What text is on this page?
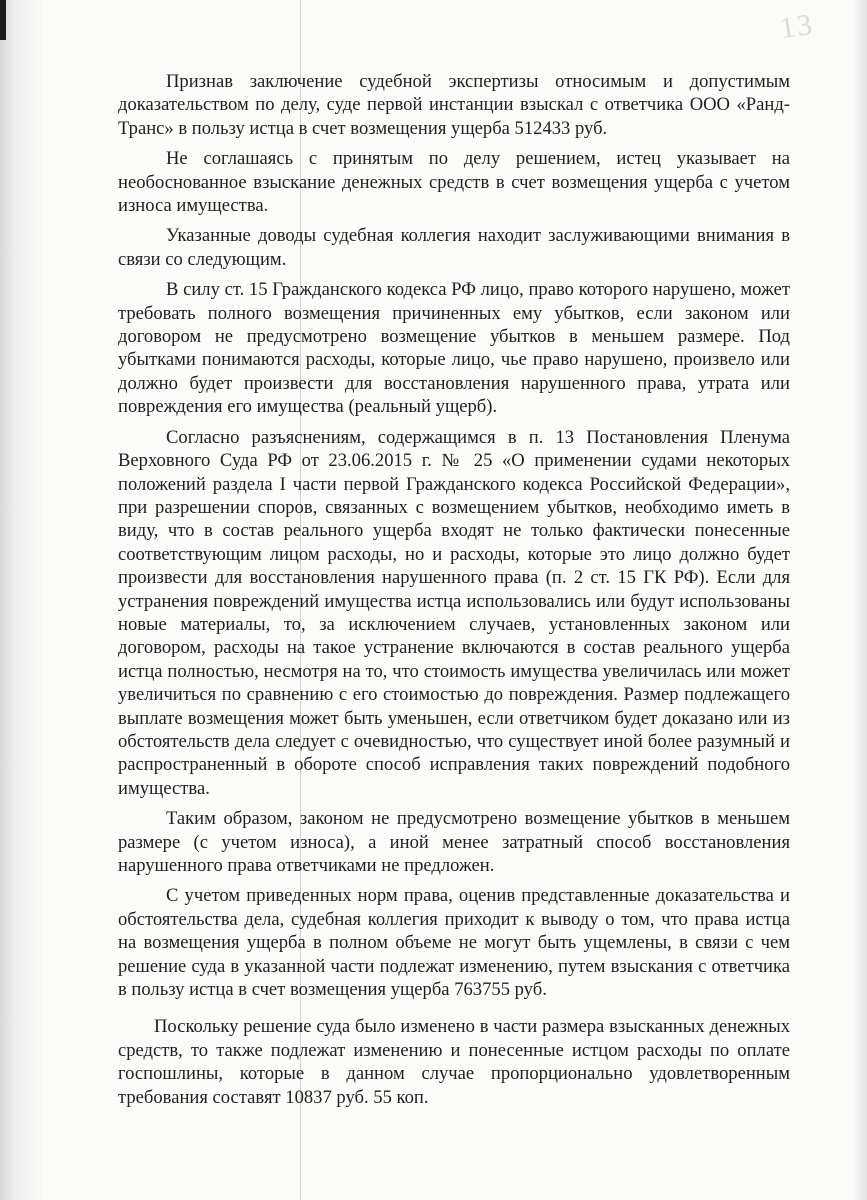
13

Признав заключение судебной экспертизы относимым и допустимым доказательством по делу, суде первой инстанции взыскал с ответчика ООО «Ранд-Транс» в пользу истца в счет возмещения ущерба 512433 руб.

Не соглашаясь с принятым по делу решением, истец указывает на необоснованное взыскание денежных средств в счет возмещения ущерба с учетом износа имущества.

Указанные доводы судебная коллегия находит заслуживающими внимания в связи со следующим.

В силу ст. 15 Гражданского кодекса РФ лицо, право которого нарушено, может требовать полного возмещения причиненных ему убытков, если законом или договором не предусмотрено возмещение убытков в меньшем размере. Под убытками понимаются расходы, которые лицо, чье право нарушено, произвело или должно будет произвести для восстановления нарушенного права, утрата или повреждения его имущества (реальный ущерб).

Согласно разъяснениям, содержащимся в п. 13 Постановления Пленума Верховного Суда РФ от 23.06.2015 г. № 25 «О применении судами некоторых положений раздела I части первой Гражданского кодекса Российской Федерации», при разрешении споров, связанных с возмещением убытков, необходимо иметь в виду, что в состав реального ущерба входят не только фактически понесенные соответствующим лицом расходы, но и расходы, которые это лицо должно будет произвести для восстановления нарушенного права (п. 2 ст. 15 ГК РФ). Если для устранения повреждений имущества истца использовались или будут использованы новые материалы, то, за исключением случаев, установленных законом или договором, расходы на такое устранение включаются в состав реального ущерба истца полностью, несмотря на то, что стоимость имущества увеличилась или может увеличиться по сравнению с его стоимостью до повреждения. Размер подлежащего выплате возмещения может быть уменьшен, если ответчиком будет доказано или из обстоятельств дела следует с очевидностью, что существует иной более разумный и распространенный в обороте способ исправления таких повреждений подобного имущества.

Таким образом, законом не предусмотрено возмещение убытков в меньшем размере (с учетом износа), а иной менее затратный способ восстановления нарушенного права ответчиками не предложен.

С учетом приведенных норм права, оценив представленные доказательства и обстоятельства дела, судебная коллегия приходит к выводу о том, что права истца на возмещения ущерба в полном объеме не могут быть ущемлены, в связи с чем решение суда в указанной части подлежат изменению, путем взыскания с ответчика в пользу истца в счет возмещения ущерба 763755 руб.

Поскольку решение суда было изменено в части размера взысканных денежных средств, то также подлежат изменению и понесенные истцом расходы по оплате госпошлины, которые в данном случае пропорционально удовлетворенным требования составят 10837 руб. 55 коп.
